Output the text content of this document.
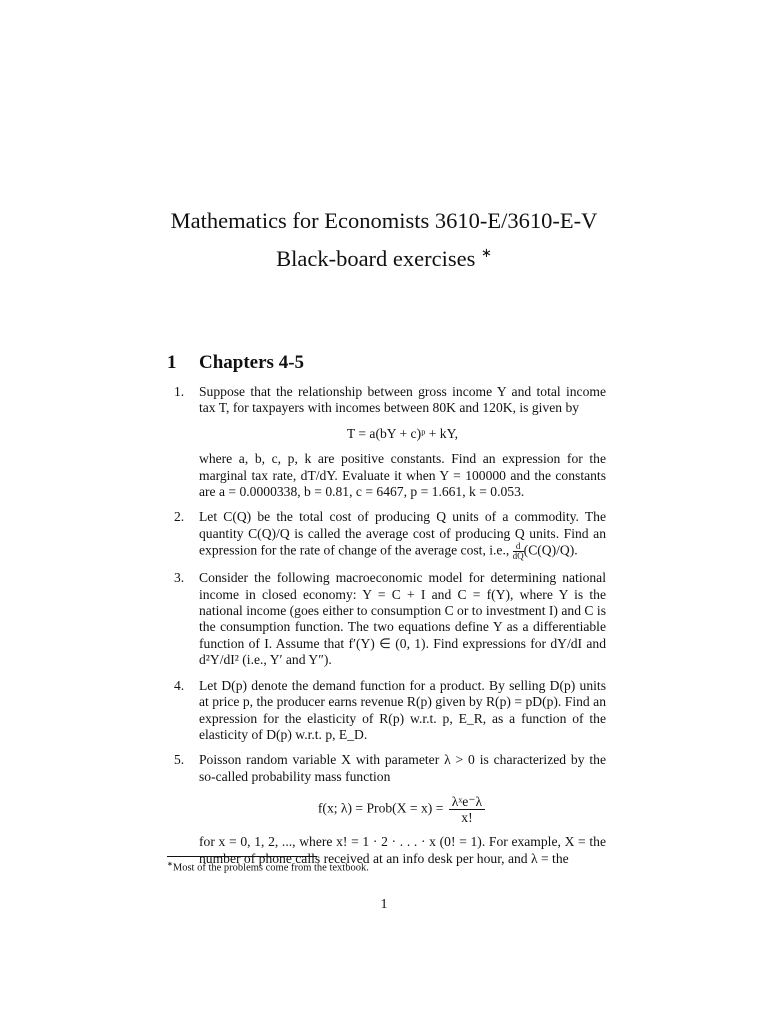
Mathematics for Economists 3610-E/3610-E-V
Black-board exercises ∗
1 Chapters 4-5
1. Suppose that the relationship between gross income Y and total income tax T, for taxpayers with incomes between 80K and 120K, is given by

T = a(bY + c)ᵖ + kY,

where a, b, c, p, k are positive constants. Find an expression for the marginal tax rate, dT/dY. Evaluate it when Y = 100000 and the constants are a = 0.0000338, b = 0.81, c = 6467, p = 1.661, k = 0.053.

2. Let C(Q) be the total cost of producing Q units of a commodity. The quantity C(Q)/Q is called the average cost of producing Q units. Find an expression for the rate of change of the average cost, i.e., $\frac{d}{dQ}(C(Q)/Q)$.

3. Consider the following macroeconomic model for determining national income in closed economy: Y = C + I and C = f(Y), where Y is the national income (goes either to consumption C or to investment I) and C is the consumption function. The two equations define Y as a differentiable function of I. Assume that f′(Y) ∈ (0, 1). Find expressions for dY/dI and d²Y/dI² (i.e., Y′ and Y″).

4. Let D(p) denote the demand function for a product. By selling D(p) units at price p, the producer earns revenue R(p) given by R(p) = pD(p). Find an expression for the elasticity of R(p) w.r.t. p, E_R, as a function of the elasticity of D(p) w.r.t. p, E_D.

5. Poisson random variable X with parameter λ > 0 is characterized by the so-called probability mass function

f(x; λ) = Prob(X = $x) = \frac{\text{λˣe⁻λ}}{x!}$

for x = 0, 1, 2, ..., where x! = 1 · 2 · . . . · x (0! = 1). For example, X = the number of phone calls received at an info desk per hour, and λ = the

∗Most of the problems come from the textbook.
1
